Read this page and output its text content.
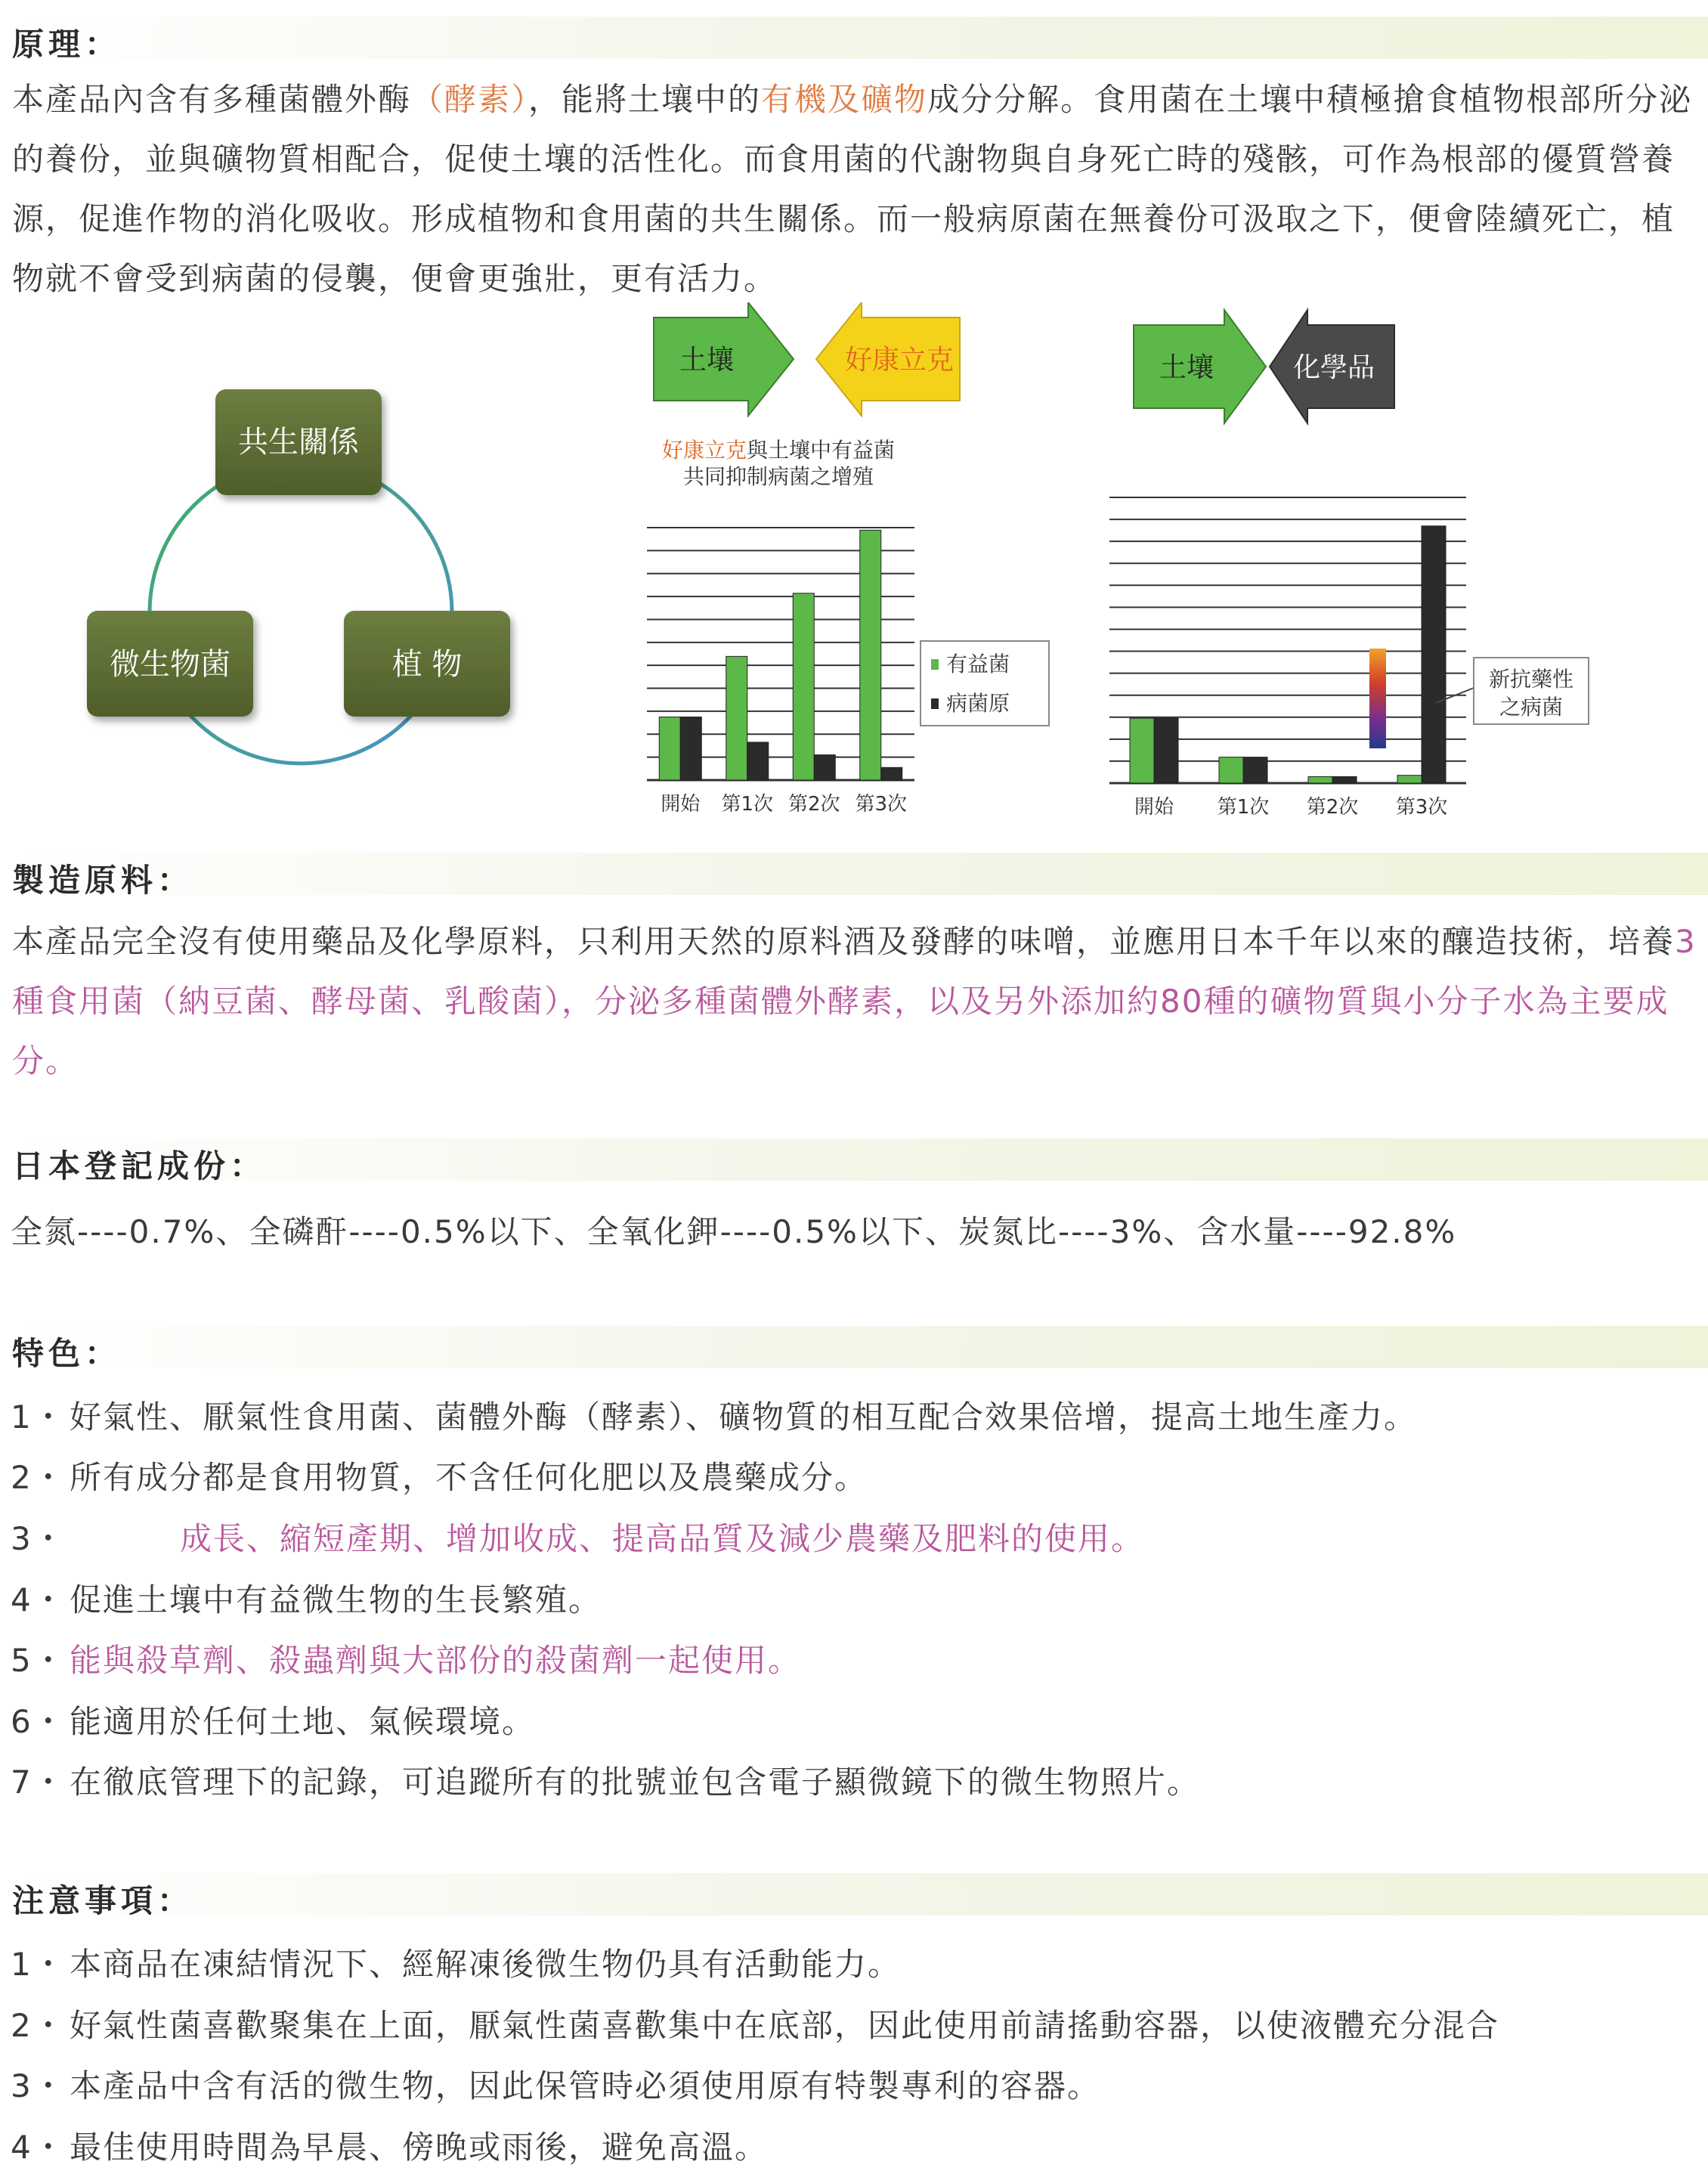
原理：
本產品內含有多種菌體外酶（酵素），能將土壤中的有機及礦物成分分解。食用菌在土壤中積極搶食植物根部所分泌的養份，並與礦物質相配合，促使土壤的活性化。而食用菌的代謝物與自身死亡時的殘骸，可作為根部的優質營養源，促進作物的消化吸收。形成植物和食用菌的共生關係。而一般病原菌在無養份可汲取之下，便會陸續死亡，植物就不會受到病菌的侵襲，便會更強壯，更有活力。
共生關係
微生物菌	植 物
土壤	好康立克
好康立克與土壤中有益菌
共同抑制病菌之增殖
開始 第1次 第2次 第3次
有益菌
病菌原
土壤	化學品
開始 第1次 第2次 第3次
新抗藥性
之病菌
製造原料：
本產品完全沒有使用藥品及化學原料，只利用天然的原料酒及發酵的味噌，並應用日本千年以來的釀造技術，培養3種食用菌（納豆菌、酵母菌、乳酸菌），分泌多種菌體外酵素，以及另外添加約80種的礦物質與小分子水為主要成分。
日本登記成份：
全氮----0.7%、全磷酐----0.5%以下、全氧化鉀----0.5%以下、炭氮比----3%、含水量----92.8%
特色：
1・ 好氣性、厭氣性食用菌、菌體外酶（酵素）、礦物質的相互配合效果倍增，提高土地生產力。
2・ 所有成分都是食用物質，不含任何化肥以及農藥成分。
3・	成長、縮短產期、增加收成、提高品質及減少農藥及肥料的使用。
4・ 促進土壤中有益微生物的生長繁殖。
5・ 能與殺草劑、殺蟲劑與大部份的殺菌劑一起使用。
6・ 能適用於任何土地、氣候環境。
7・ 在徹底管理下的記錄，可追蹤所有的批號並包含電子顯微鏡下的微生物照片。
注意事項：
1・ 本商品在凍結情況下、經解凍後微生物仍具有活動能力。
2・ 好氣性菌喜歡聚集在上面，厭氣性菌喜歡集中在底部，因此使用前請搖動容器，以使液體充分混合
3・ 本產品中含有活的微生物，因此保管時必須使用原有特製專利的容器。
4・ 最佳使用時間為早晨、傍晚或雨後，避免高溫。
